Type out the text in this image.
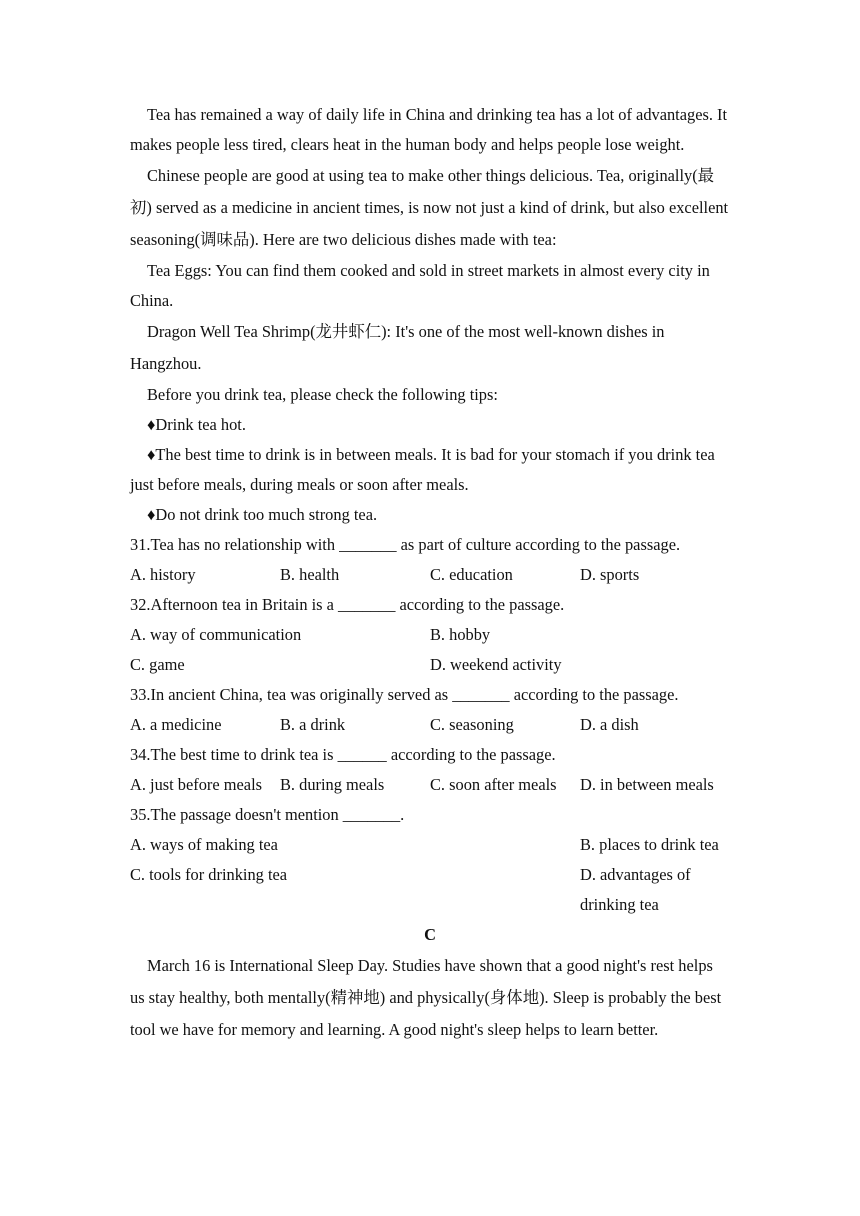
Tea has remained a way of daily life in China and drinking tea has a lot of advantages. It makes people less tired, clears heat in the human body and helps people lose weight.

Chinese people are good at using tea to make other things delicious. Tea, originally(最初) served as a medicine in ancient times, is now not just a kind of drink, but also excellent seasoning(调味品). Here are two delicious dishes made with tea:

Tea Eggs: You can find them cooked and sold in street markets in almost every city in China.

Dragon Well Tea Shrimp(龙井虾仁): It's one of the most well-known dishes in Hangzhou.

Before you drink tea, please check the following tips:

♦Drink tea hot.

♦The best time to drink is in between meals. It is bad for your stomach if you drink tea just before meals, during meals or soon after meals.

♦Do not drink too much strong tea.

31.Tea has no relationship with _______ as part of culture according to the passage.

A. history	B. health	C. education	D. sports

32.Afternoon tea in Britain is a _______ according to the passage.

A. way of communication	B. hobby
C. game	D. weekend activity

33.In ancient China, tea was originally served as _______ according to the passage.

A. a medicine	B. a drink	C. seasoning	D. a dish

34.The best time to drink tea is ______ according to the passage.

A. just before meals	B. during meals	C. soon after meals	D. in between meals

35.The passage doesn't mention _______.

A. ways of making tea	B. places to drink tea
C. tools for drinking tea	D. advantages of drinking tea

C

March 16 is International Sleep Day. Studies have shown that a good night's rest helps us stay healthy, both mentally(精神地) and physically(身体地). Sleep is probably the best tool we have for memory and learning. A good night's sleep helps to learn better.
